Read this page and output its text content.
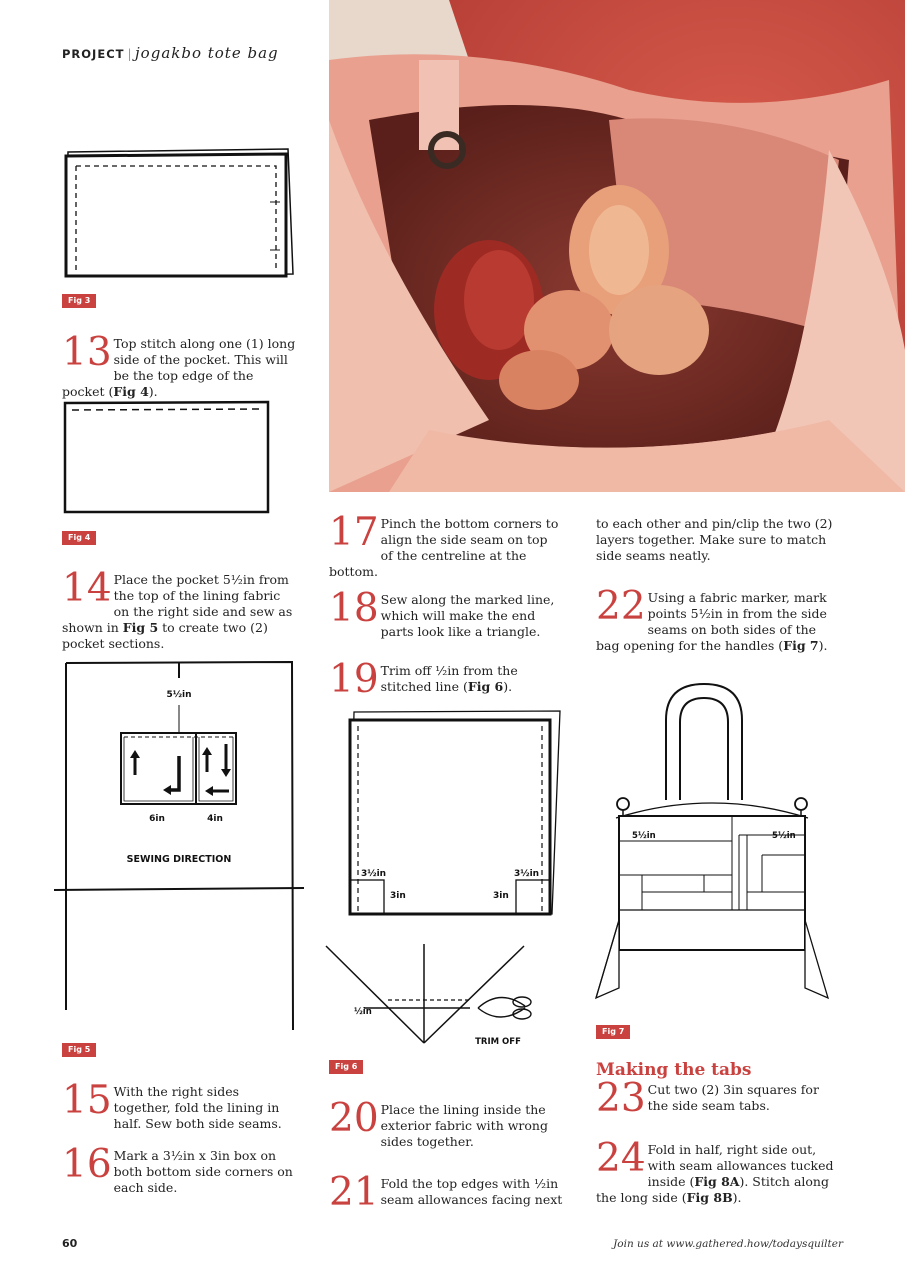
PROJECT | jogakbo tote bag
Fig 3
13 Top stitch along one (1) long side of the pocket. This will be the top edge of the pocket (Fig 4).
Fig 4
14 Place the pocket 5½in from the top of the lining fabric on the right side and sew as shown in Fig 5 to create two (2) pocket sections.
5½in
6in	4in
SEWING DIRECTION
Fig 5
15 With the right sides together, fold the lining in half. Sew both side seams.
16 Mark a 3½in x 3in box on both bottom side corners on each side.
17 Pinch the bottom corners to align the side seam on top of the centreline at the bottom.
18 Sew along the marked line, which will make the end parts look like a triangle.
19 Trim off ½in from the stitched line (Fig 6).
3½in	3½in
3in	3in
½in
TRIM OFF
Fig 6
20 Place the lining inside the exterior fabric with wrong sides together.
21 Fold the top edges with ½in seam allowances facing next
to each other and pin/clip the two (2) layers together. Make sure to match side seams neatly.
22 Using a fabric marker, mark points 5½in in from the side seams on both sides of the bag opening for the handles (Fig 7).
5½in	5½in
Fig 7
Making the tabs
23 Cut two (2) 3in squares for the side seam tabs.
24 Fold in half, right side out, with seam allowances tucked inside (Fig 8A). Stitch along the long side (Fig 8B).
60	Join us at www.gathered.how/todaysquilter
